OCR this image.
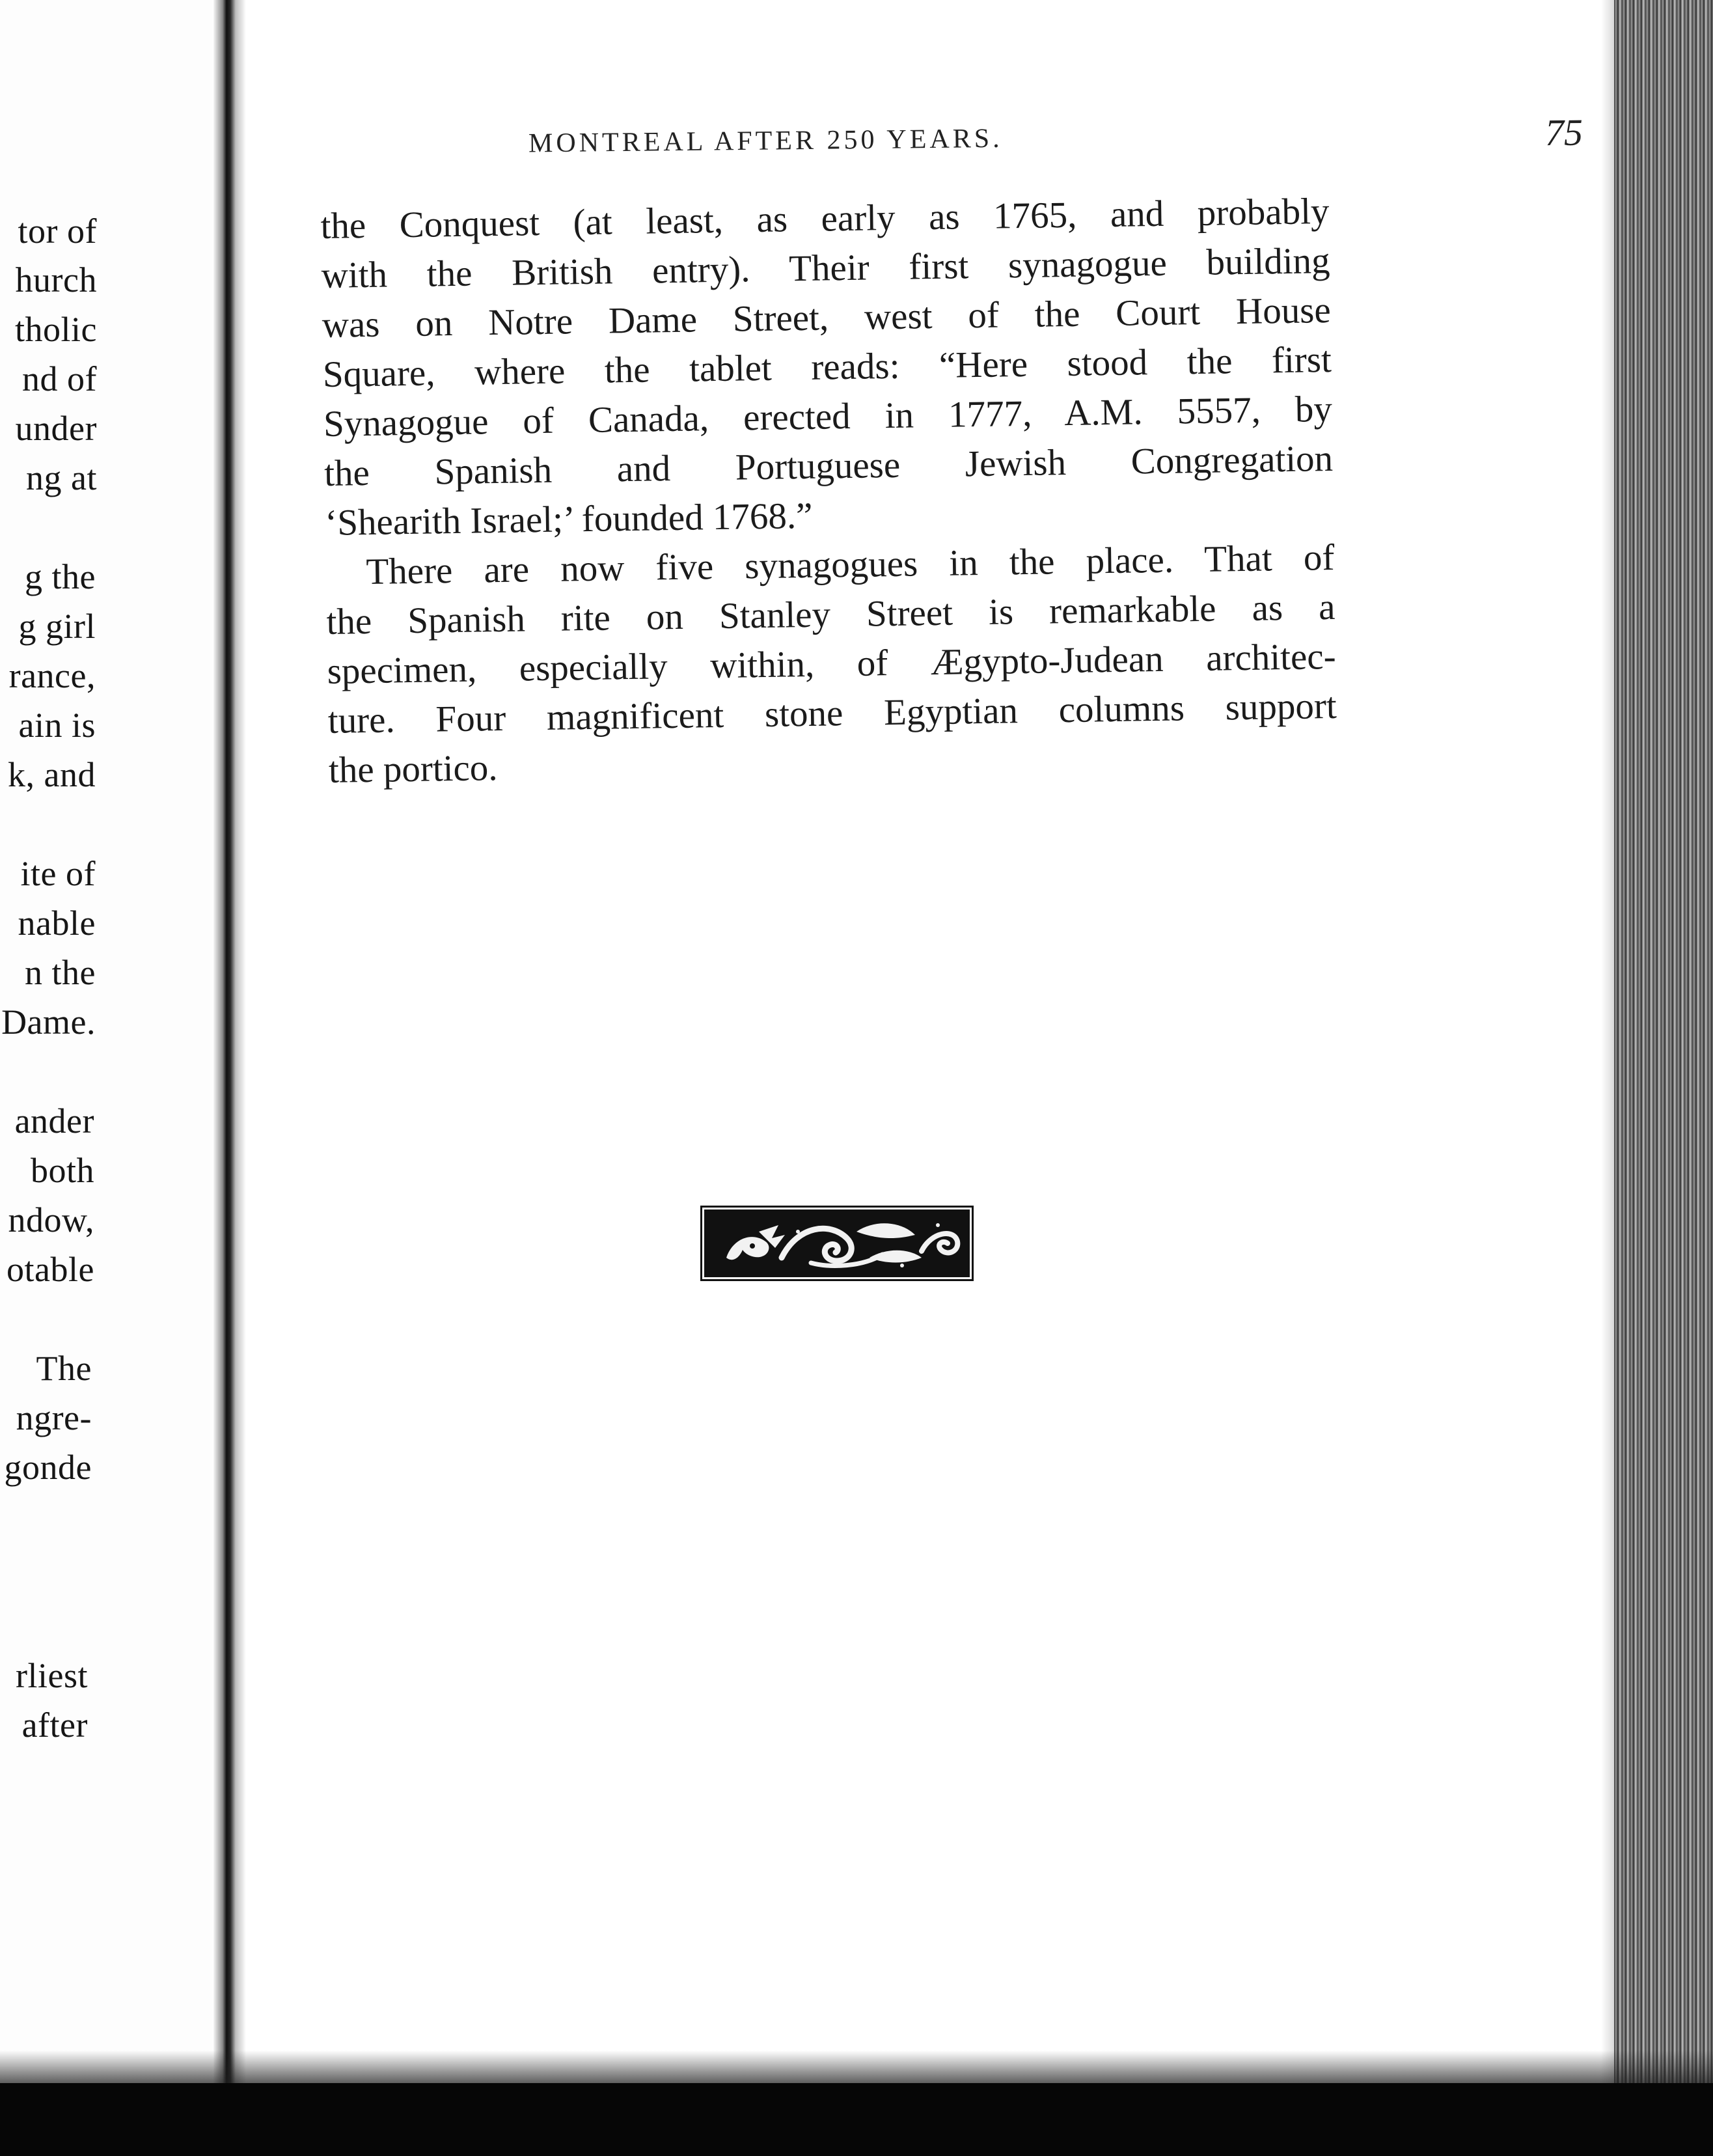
tor of
hurch
tholic
nd of
under
ng at
g the
g girl
rance,
ain is
k, and
ite of
nable
n the
Dame.
ander
both
ndow,
otable
The
ngre-
gonde
rliest
after
MONTREAL AFTER 250 YEARS.	75
the Conquest (at least, as early as 1765, and probably
with the British entry). Their first synagogue building
was on Notre Dame Street, west of the Court House
Square, where the tablet reads: “Here stood the first
Synagogue of Canada, erected in 1777, A.M. 5557, by
the Spanish and Portuguese Jewish Congregation
‘Shearith Israel;’ founded 1768.”
There are now five synagogues in the place. That of
the Spanish rite on Stanley Street is remarkable as a
specimen, especially within, of Ægypto-Judean architec-
ture. Four magnificent stone Egyptian columns support
the portico.
